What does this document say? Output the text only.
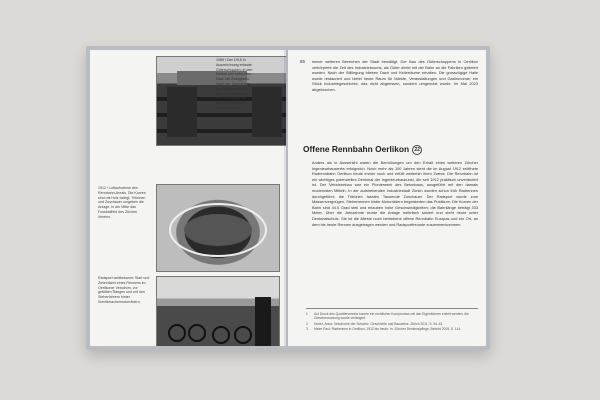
1989 / Der 1915 in Auszeichnung erbaute Güterschuppen, in den Kellern und unter dem Dach die Zweigbahn. Nach der Umnutzung der Ingenieur-Rudolf-Bösch-Gebäude, die mit dem Schuppen als Bahnhof Oerlikon eröffnet wurde.

1912 / Luftaufnahme des Rennbahn-Areals. Die Kurven sind mit Holz belegt, Tribünen und Zuschauer umgeben die Anlage. In der Mitte das Fussballfeld des Zürcher Vereins.

Radsport weltbekannt: Start und Zieleinfahrt eines Rennens im Oerlikoner Velodrom, vor gefüllten Rängen und mit den Steherfahrern hinter Schrittmachermotorrädern.

85 immer weiteren Bereichen der Stadt bewältigt. Der Bau des Güterschuppens in Oerlikon verkörperte die Zeit des Industriebooms, als Güter direkt mit der Bahn an die Fabriken geliefert wurden. Nach der Stilllegung blieben Dach und Kellerräume erhalten. Die grosszügige Halle wurde restauriert und bietet heute Raum für Märkte, Veranstaltungen und Gastronomie; ein Stück Industriegeschichte, das nicht abgerissen, sondern umgenutzt wurde. Im Mai 2023 abgebrochen.

Offene Rennbahn Oerlikon 22

Anders als in Aussersihl waren die Bemühungen um den Erhalt eines weiteren Zürcher Ingenieurbauwerks erfolgreich. Noch mehr als 100 Jahren steht die im August 1912 eröffnete Radrennbahn Oerlikon heute immer noch und erfüllt weiterhin ihren Zweck. Die Rennbahn ist ein wichtiges potenzielles Denkmal der Ingenieurbaukunst, die seit 1912 praktisch unverändert ist. Der Velodrombau war ein Pionierwerk des Betonbaus, ausgeführt mit den damals modernsten Mitteln. In der aufstrebenden Industriestadt Zürich wurden schon früh Radrennen durchgeführt; die Tribünen fassten Tausende Zuschauer. Der Radsport wurde zum Massenvergnügen, Steherrennen hinter Motorrädern begeisterten das Publikum. Die Kurven der Bahn sind 44.5 Grad steil und erlauben hohe Geschwindigkeiten; die Bahnlänge beträgt 333 Meter. Über die Jahrzehnte wurde die Anlage mehrfach saniert und steht heute unter Denkmalschutz. Sie ist die älteste noch betriebene offene Rennbahn Europas und ein Ort, an dem bis heute Rennen ausgetragen werden und Radsportfreunde zusammenkommen.

1	Auf Druck des Quartiervereins konnte ein rechtlicher Kompromiss mit den Eigentümern erzielt werden; die Zwischennutzung wurde verlängert.

2	Huber, Anna: Velodrome der Schweiz. Geschichte und Bauweise. Zürich 2011, S. 54–61.

3	Meier Paul: Radrennen in Oerlikon, 1912 bis heute. In: Zürcher Denkmalpflege, Bericht 2019, S. 114.
